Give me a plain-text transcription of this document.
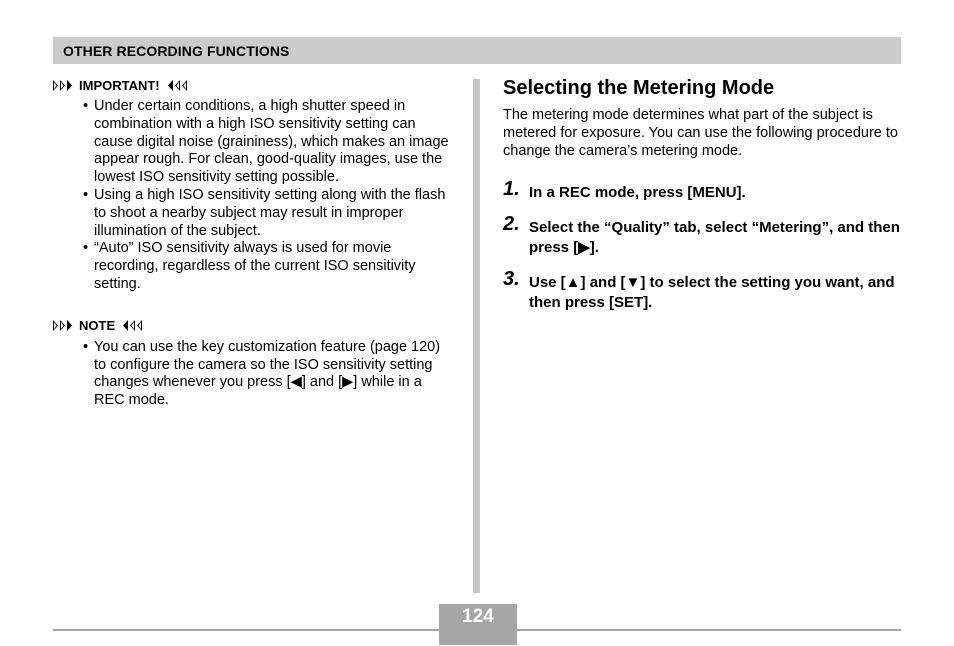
OTHER RECORDING FUNCTIONS
IMPORTANT!
• Under certain conditions, a high shutter speed in combination with a high ISO sensitivity setting can cause digital noise (graininess), which makes an image appear rough. For clean, good-quality images, use the lowest ISO sensitivity setting possible.
• Using a high ISO sensitivity setting along with the flash to shoot a nearby subject may result in improper illumination of the subject.
• “Auto” ISO sensitivity always is used for movie recording, regardless of the current ISO sensitivity setting.
NOTE
• You can use the key customization feature (page 120) to configure the camera so the ISO sensitivity setting changes whenever you press [◀] and [▶] while in a REC mode.
Selecting the Metering Mode

The metering mode determines what part of the subject is metered for exposure. You can use the following procedure to change the camera’s metering mode.

1. In a REC mode, press [MENU].
2. Select the “Quality” tab, select “Metering”, and then press [▶].
3. Use [▲] and [▼] to select the setting you want, and then press [SET].
124
